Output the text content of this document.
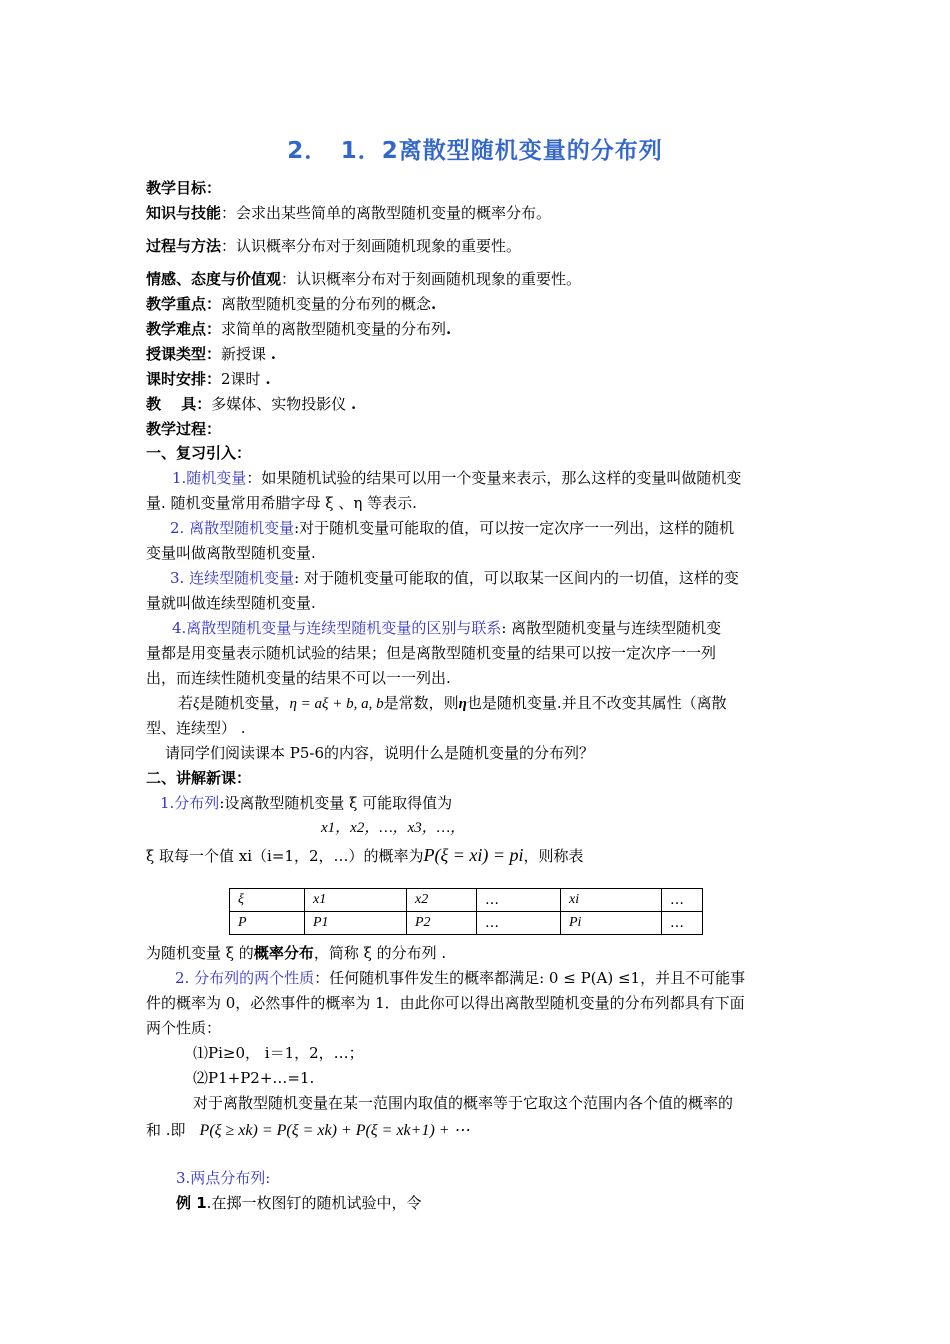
2．　1．2离散型随机变量的分布列
教学目标：
知识与技能：会求出某些简单的离散型随机变量的概率分布。
过程与方法：认识概率分布对于刻画随机现象的重要性。
情感、态度与价值观：认识概率分布对于刻画随机现象的重要性。
教学重点：离散型随机变量的分布列的概念.
教学难点：求简单的离散型随机变量的分布列.
授课类型：新授课 .
课时安排：2课时 .
教　 具：多媒体、实物投影仪 .
教学过程：
一、复习引入：
1.随机变量：如果随机试验的结果可以用一个变量来表示，那么这样的变量叫做随机变
量. 随机变量常用希腊字母 ξ 、η 等表示.
2. 离散型随机变量:对于随机变量可能取的值，可以按一定次序一一列出，这样的随机
变量叫做离散型随机变量.
3. 连续型随机变量: 对于随机变量可能取的值，可以取某一区间内的一切值，这样的变
量就叫做连续型随机变量.
4.离散型随机变量与连续型随机变量的区别与联系: 离散型随机变量与连续型随机变
量都是用变量表示随机试验的结果；但是离散型随机变量的结果可以按一定次序一一列
出，而连续性随机变量的结果不可以一一列出.
若ξ是随机变量，η = aξ + b, a, b是常数，则η也是随机变量.并且不改变其属性（离散
型、连续型） .
请同学们阅读课本 P5-6的内容，说明什么是随机变量的分布列？
二、讲解新课：
1.分布列:设离散型随机变量 ξ 可能取得值为
x1，x2，…，x3，…，
ξ 取每一个值 xi（i=1，2，…）的概率为P(ξ = xi) = pi，则称表
ξ	x1	x2	…	xi	…
P	P1	P2	…	Pi	…
为随机变量 ξ 的概率分布，简称 ξ 的分布列 .
2. 分布列的两个性质：任何随机事件发生的概率都满足: 0 ≤ P(A) ≤1，并且不可能事
件的概率为 0，必然事件的概率为 1．由此你可以得出离散型随机变量的分布列都具有下面
两个性质：
⑴Pi≥0， i＝1，2，…；
⑵P1+P2+…=1.
对于离散型随机变量在某一范围内取值的概率等于它取这个范围内各个值的概率的
和 .即 P(ξ ≥ xk) = P(ξ = xk) + P(ξ = xk+1) + ⋯
3.两点分布列:
例 1.在掷一枚图钉的随机试验中，令
